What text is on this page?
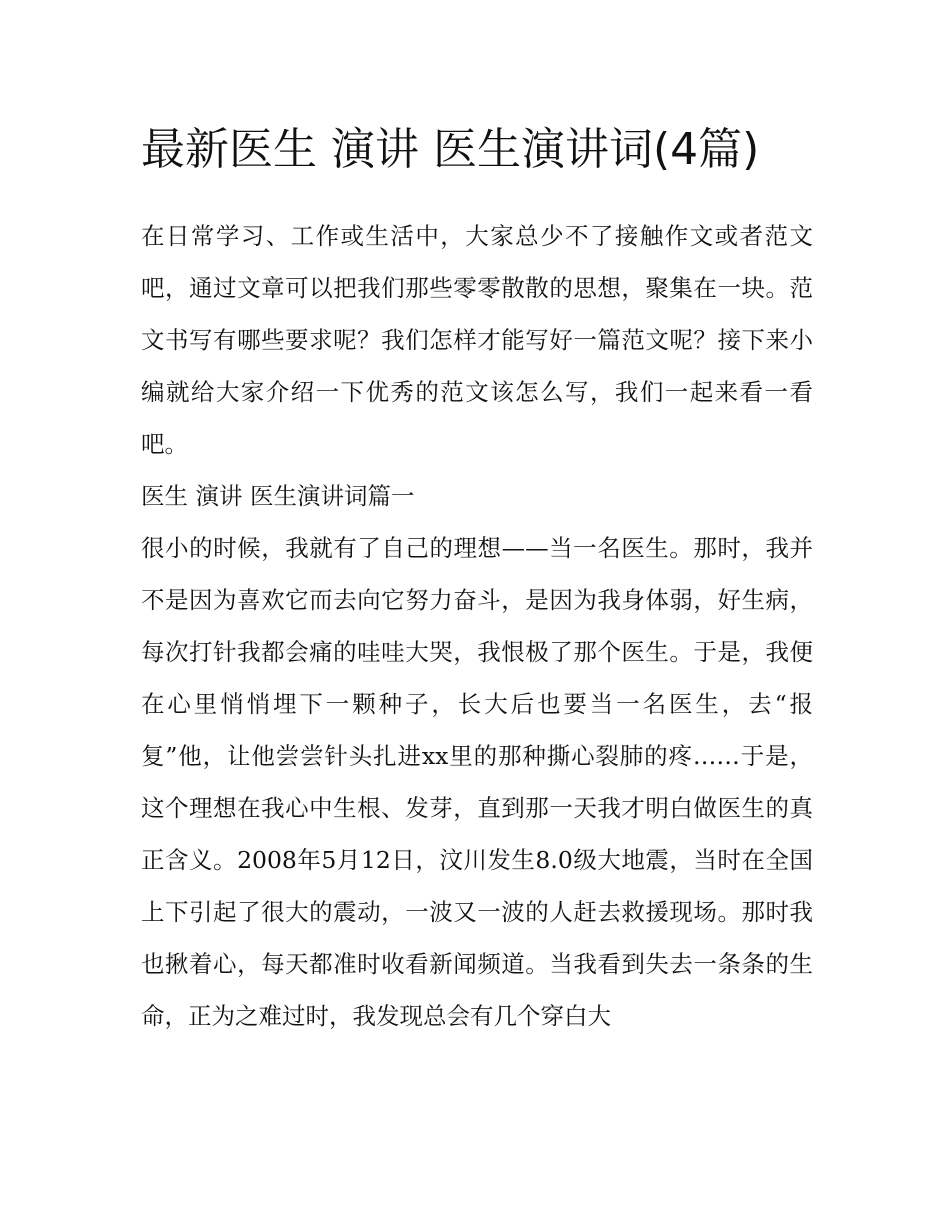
最新医生 演讲 医生演讲词(4篇)

在日常学习、工作或生活中，大家总少不了接触作文或者范文吧，通过文章可以把我们那些零零散散的思想，聚集在一块。范文书写有哪些要求呢？我们怎样才能写好一篇范文呢？接下来小编就给大家介绍一下优秀的范文该怎么写，我们一起来看一看吧。

医生 演讲 医生演讲词篇一

很小的时候，我就有了自己的理想——当一名医生。那时，我并不是因为喜欢它而去向它努力奋斗，是因为我身体弱，好生病，每次打针我都会痛的哇哇大哭，我恨极了那个医生。于是，我便在心里悄悄埋下一颗种子，长大后也要当一名医生，去“报复”他，让他尝尝针头扎进xx里的那种撕心裂肺的疼……于是，这个理想在我心中生根、发芽，直到那一天我才明白做医生的真正含义。2008年5月12日，汶川发生8.0级大地震，当时在全国上下引起了很大的震动，一波又一波的人赶去救援现场。那时我也揪着心，每天都准时收看新闻频道。当我看到失去一条条的生命，正为之难过时，我发现总会有几个穿白大
